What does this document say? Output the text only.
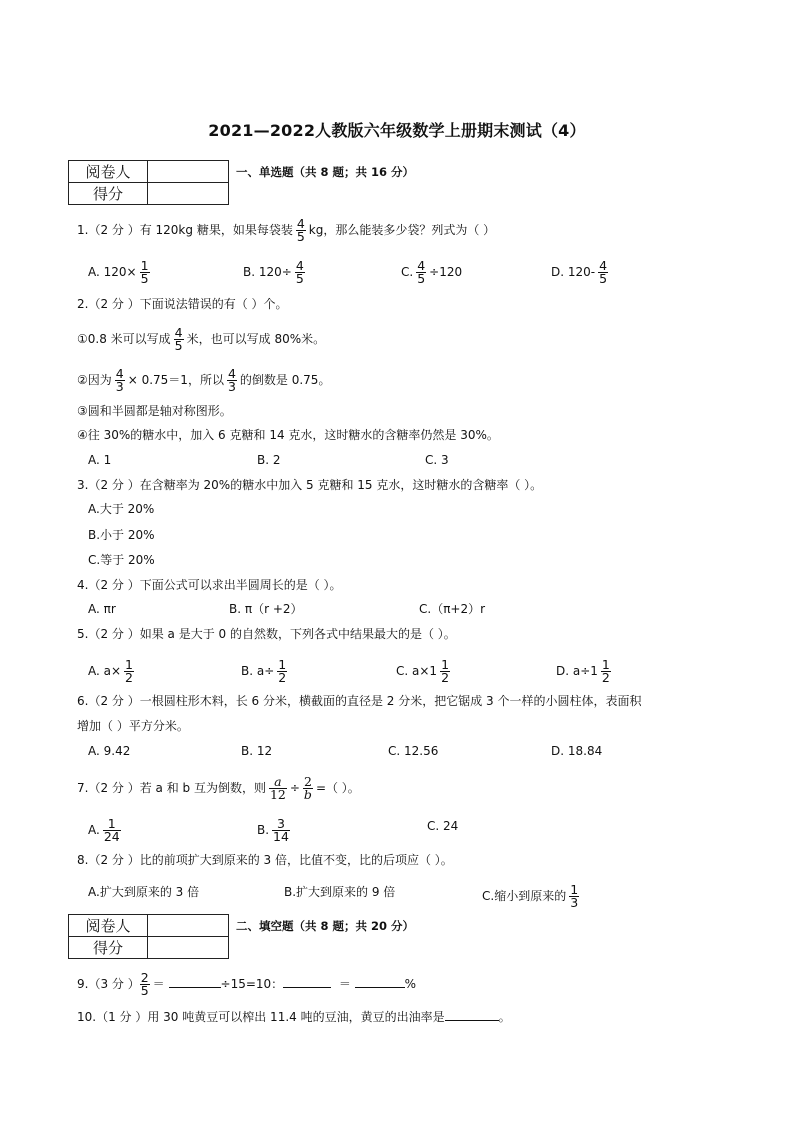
2021—2022人教版六年级数学上册期末测试（4）
阅卷人	
得分	
一、单选题（共 8 题；共 16 分）
1.（2 分 ）有 120kg 糖果，如果每袋装 $\frac{4}{5}$ kg，那么能装多少袋？列式为（ ）
A. $120\times \frac{1}{5}$	B. $120\div \frac{4}{5}$	C. $\frac{4}{5} \div 120$	D. $120- \frac{4}{5}$
2.（2 分 ）下面说法错误的有（ ）个。
①0.8 米可以写成 $\frac{4}{5}$ 米，也可以写成 80%米。
②因为 $\frac{4}{3} \times 0.75=1$，所以 $\frac{4}{3}$ 的倒数是 0.75。
③圆和半圆都是轴对称图形。
④往 30%的糖水中，加入 6 克糖和 14 克水，这时糖水的含糖率仍然是 30%。
A. 1	B. 2	C. 3
3.（2 分 ）在含糖率为 20%的糖水中加入 5 克糖和 15 克水，这时糖水的含糖率（ ）。
A.大于 20%
B.小于 20%
C.等于 20%
4.（2 分 ）下面公式可以求出半圆周长的是（ ）。
A. πr	B. π（r +2）	C.（π+2）r
5.（2 分 ）如果 a 是大于 0 的自然数，下列各式中结果最大的是（ ）。
A. $a\times \frac{1}{2}$	B. $a\div \frac{1}{2}$	C. $a\times 1 \frac{1}{2}$	D. $a\div 1 \frac{1}{2}$
6.（2 分 ）一根圆柱形木料，长 6 分米，横截面的直径是 2 分米，把它锯成 3 个一样的小圆柱体，表面积
增加（ ）平方分米。
A. 9.42	B. 12	C. 12.56	D. 18.84
7.（2 分 ）若 a 和 b 互为倒数，则 $\frac{a}{12} \div \frac{2}{b}$ =（ ）。
A. $\frac{1}{24}$	B. $\frac{3}{14}$	C. 24
8.（2 分 ）比的前项扩大到原来的 3 倍，比值不变，比的后项应（ ）。
A.扩大到原来的 3 倍	B.扩大到原来的 9 倍	C.缩小到原来的 $\frac{1}{3}$
阅卷人	
得分	
二、填空题（共 8 题；共 20 分）
9.（3 分 ） $\frac{2}{5}$ ＝	÷15=10：	＝	%
10.（1 分 ）用 30 吨黄豆可以榨出 11.4 吨的豆油，黄豆的出油率是	。
